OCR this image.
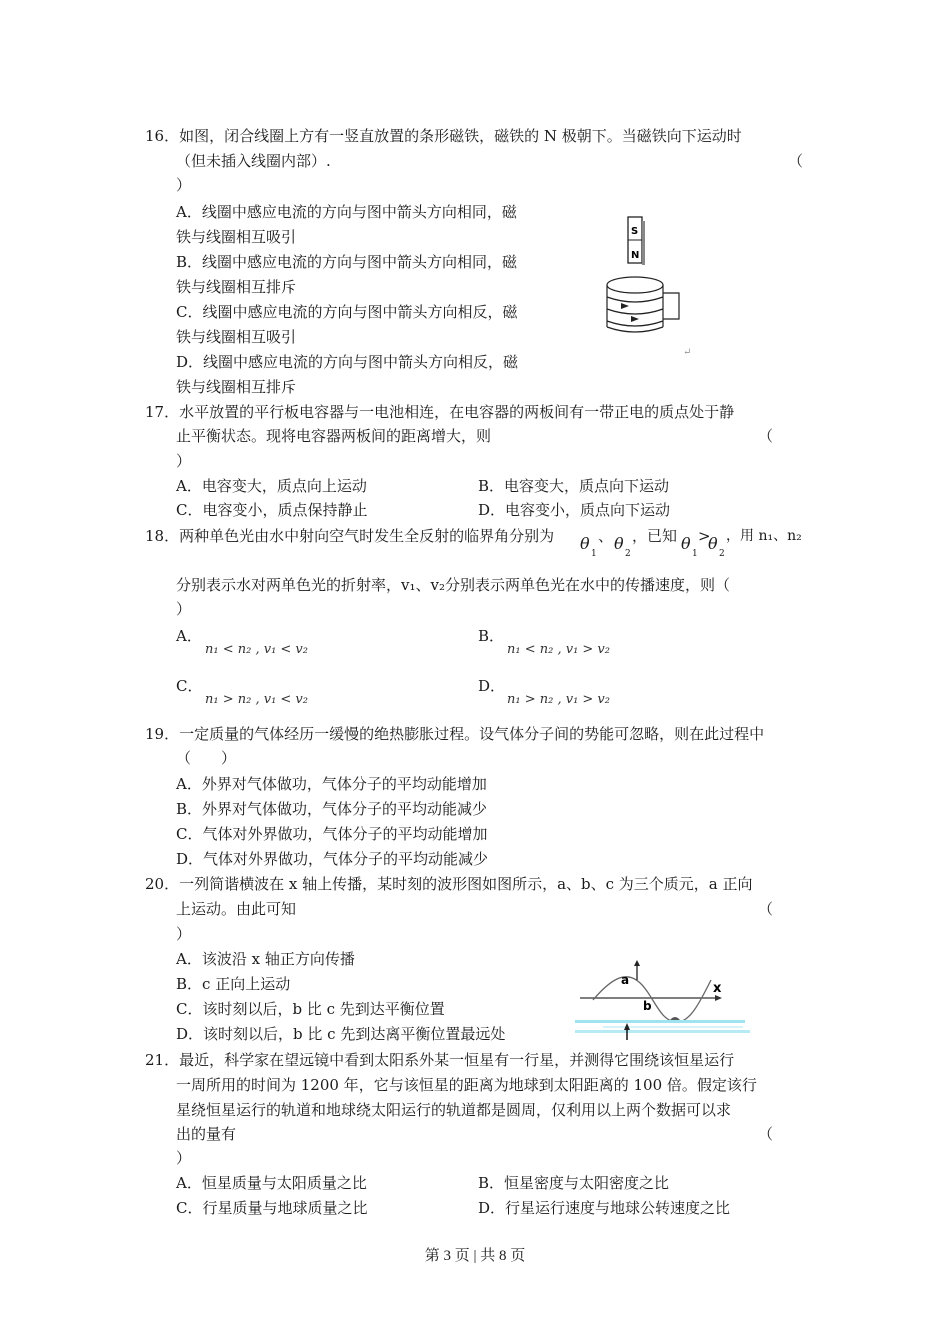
16．如图，闭合线圈上方有一竖直放置的条形磁铁，磁铁的 N 极朝下。当磁铁向下运动时
（但未插入线圈内部）.	（
）
A．线圈中感应电流的方向与图中箭头方向相同，磁
铁与线圈相互吸引
B．线圈中感应电流的方向与图中箭头方向相同，磁
铁与线圈相互排斥
C．线圈中感应电流的方向与图中箭头方向相反，磁
铁与线圈相互吸引
D．线圈中感应电流的方向与图中箭头方向相反，磁
铁与线圈相互排斥
S
N
↵
17．水平放置的平行板电容器与一电池相连，在电容器的两板间有一带正电的质点处于静
止平衡状态。现将电容器两板间的距离增大，则	（
）
A．电容变大，质点向上运动	B．电容变大，质点向下运动
C．电容变小，质点保持静止	D．电容变小，质点向下运动
18．两种单色光由水中射向空气时发生全反射的临界角分别为 θ
1
、 θ
2
，已知 θ
1
>
θ
2
，用 n₁、n₂
分别表示水对两单色光的折射率，v₁、v₂分别表示两单色光在水中的传播速度，则（
）
A．
n₁ < n₂ , v₁ < v₂
B．
n₁ < n₂ , v₁ > v₂
C．
n₁ > n₂ , v₁ < v₂
D．
n₁ > n₂ , v₁ > v₂
19．一定质量的气体经历一缓慢的绝热膨胀过程。设气体分子间的势能可忽略，则在此过程中
（　　）
A．外界对气体做功，气体分子的平均动能增加
B．外界对气体做功，气体分子的平均动能减少
C．气体对外界做功，气体分子的平均动能增加
D．气体对外界做功，气体分子的平均动能减少
20．一列简谐横波在 x 轴上传播，某时刻的波形图如图所示，a、b、c 为三个质元，a 正向
上运动。由此可知	（
）
A．该波沿 x 轴正方向传播
B．c 正向上运动
C．该时刻以后，b 比 c 先到达平衡位置
D．该时刻以后，b 比 c 先到达离平衡位置最远处
x
a
b
21．最近，科学家在望远镜中看到太阳系外某一恒星有一行星，并测得它围绕该恒星运行
一周所用的时间为 1200 年，它与该恒星的距离为地球到太阳距离的 100 倍。假定该行
星绕恒星运行的轨道和地球绕太阳运行的轨道都是圆周，仅利用以上两个数据可以求
出的量有	（
）
A．恒星质量与太阳质量之比	B．恒星密度与太阳密度之比
C．行星质量与地球质量之比	D．行星运行速度与地球公转速度之比
第 3 页 | 共 8 页
